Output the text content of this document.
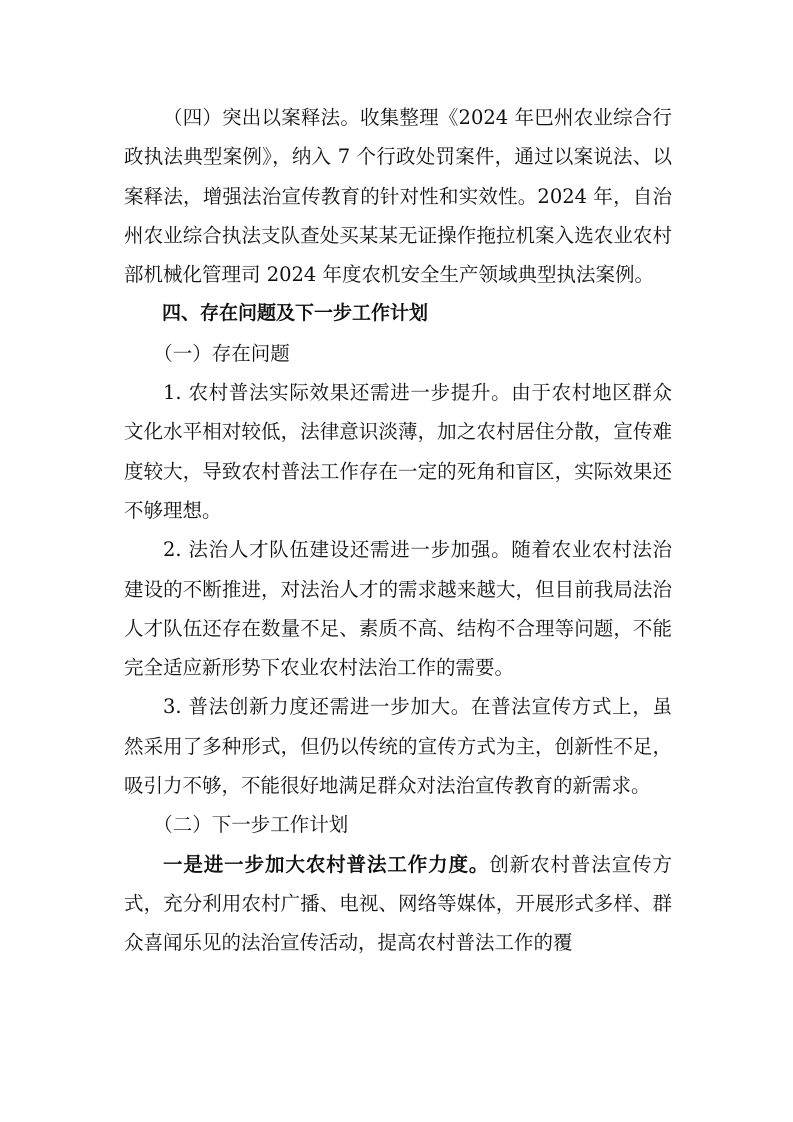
（四）突出以案释法。收集整理《2024 年巴州农业综合行政执法典型案例》，纳入 7 个行政处罚案件，通过以案说法、以案释法，增强法治宣传教育的针对性和实效性。2024 年，自治州农业综合执法支队查处买某某无证操作拖拉机案入选农业农村部机械化管理司 2024 年度农机安全生产领域典型执法案例。

四、存在问题及下一步工作计划

（一）存在问题

1. 农村普法实际效果还需进一步提升。由于农村地区群众文化水平相对较低，法律意识淡薄，加之农村居住分散，宣传难度较大，导致农村普法工作存在一定的死角和盲区，实际效果还不够理想。

2. 法治人才队伍建设还需进一步加强。随着农业农村法治建设的不断推进，对法治人才的需求越来越大，但目前我局法治人才队伍还存在数量不足、素质不高、结构不合理等问题，不能完全适应新形势下农业农村法治工作的需要。

3. 普法创新力度还需进一步加大。在普法宣传方式上，虽然采用了多种形式，但仍以传统的宣传方式为主，创新性不足，吸引力不够，不能很好地满足群众对法治宣传教育的新需求。

（二）下一步工作计划

一是进一步加大农村普法工作力度。创新农村普法宣传方式，充分利用农村广播、电视、网络等媒体，开展形式多样、群众喜闻乐见的法治宣传活动，提高农村普法工作的覆
